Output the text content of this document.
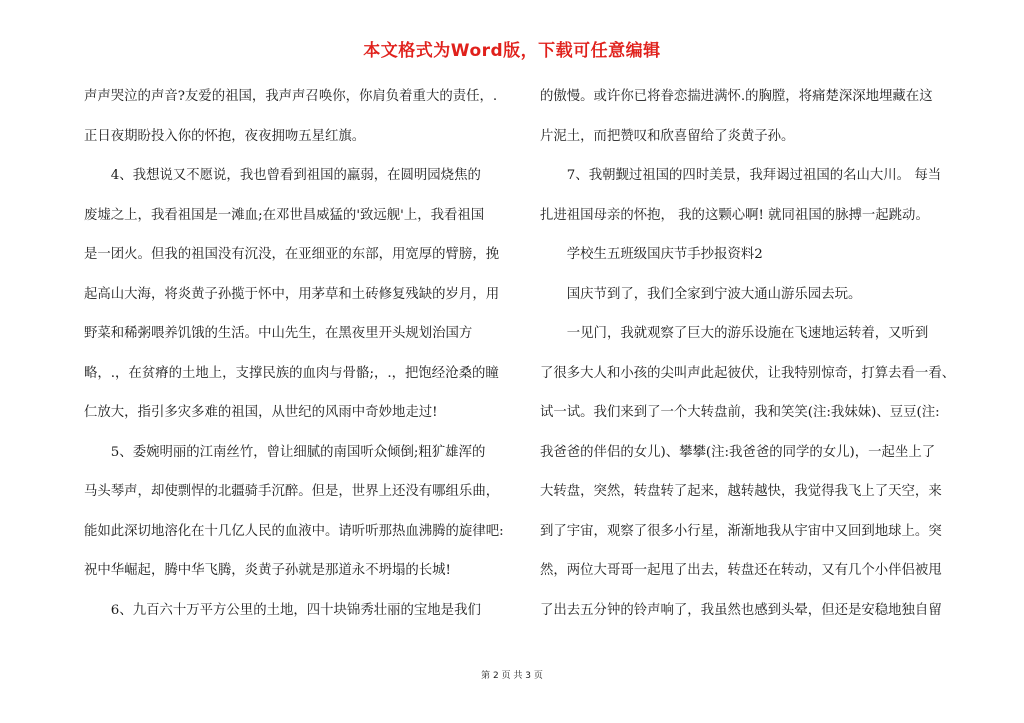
本文格式为Word版，下载可任意编辑
声声哭泣的声音?友爱的祖国，我声声召唤你，你肩负着重大的责任，.
正日夜期盼投入你的怀抱，夜夜拥吻五星红旗。
　　4、我想说又不愿说，我也曾看到祖国的羸弱，在圆明园烧焦的
废墟之上，我看祖国是一滩血;在邓世昌威猛的'致远舰'上，我看祖国
是一团火。但我的祖国没有沉没，在亚细亚的东部，用宽厚的臂膀，挽
起高山大海，将炎黄子孙揽于怀中，用茅草和土砖修复残缺的岁月，用
野菜和稀粥喂养饥饿的生活。中山先生，在黑夜里开头规划治国方
略，.，在贫瘠的土地上，支撑民族的血肉与骨骼;，.，把饱经沧桑的瞳
仁放大，指引多灾多难的祖国，从世纪的风雨中奇妙地走过!
　　5、委婉明丽的江南丝竹，曾让细腻的南国听众倾倒;粗犷雄浑的
马头琴声，却使剽悍的北疆骑手沉醉。但是，世界上还没有哪组乐曲，
能如此深切地溶化在十几亿人民的血液中。请听听那热血沸腾的旋律吧:
祝中华崛起，腾中华飞腾，炎黄子孙就是那道永不坍塌的长城!
　　6、九百六十万平方公里的土地，四十块锦秀壮丽的宝地是我们
的傲慢。或许你已将眷恋揣进满怀.的胸膛，将痛楚深深地埋藏在这
片泥土，而把赞叹和欣喜留给了炎黄子孙。
　　7、我朝觐过祖国的四时美景，我拜谒过祖国的名山大川。 每当
扎进祖国母亲的怀抱， 我的这颗心啊! 就同祖国的脉搏一起跳动。
　　学校生五班级国庆节手抄报资料2
　　国庆节到了，我们全家到宁波大通山游乐园去玩。
　　一见门，我就观察了巨大的游乐设施在飞速地运转着，又听到
了很多大人和小孩的尖叫声此起彼伏，让我特别惊奇，打算去看一看、
试一试。我们来到了一个大转盘前，我和笑笑(注:我妹妹)、豆豆(注:
我爸爸的伴侣的女儿)、攀攀(注:我爸爸的同学的女儿)，一起坐上了
大转盘，突然，转盘转了起来，越转越快，我觉得我飞上了天空，来
到了宇宙，观察了很多小行星，渐渐地我从宇宙中又回到地球上。突
然，两位大哥哥一起甩了出去，转盘还在转动，又有几个小伴侣被甩
了出去五分钟的铃声响了，我虽然也感到头晕，但还是安稳地独自留
第 2 页 共 3 页
